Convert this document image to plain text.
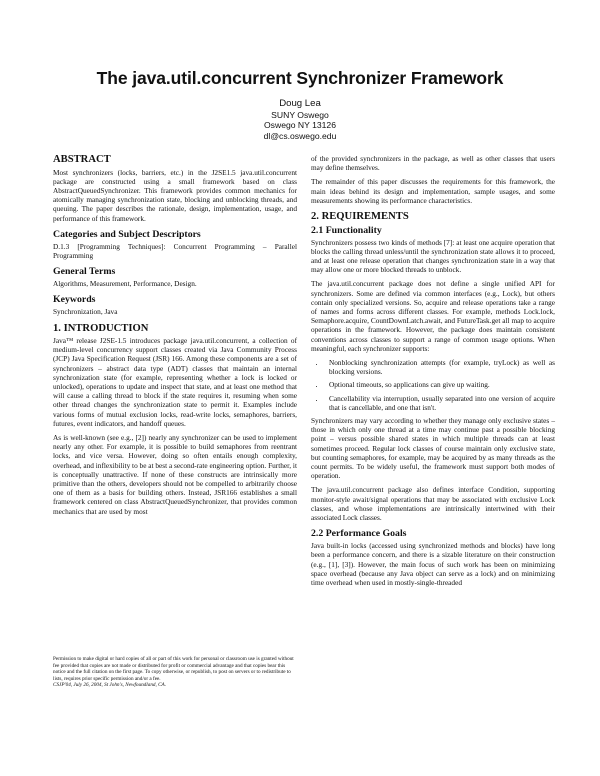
The java.util.concurrent Synchronizer Framework
Doug Lea
SUNY Oswego
Oswego NY 13126
dl@cs.oswego.edu
ABSTRACT

Most synchronizers (locks, barriers, etc.) in the J2SE1.5 java.util.concurrent package are constructed using a small framework based on class AbstractQueuedSynchronizer. This framework provides common mechanics for atomically managing synchronization state, blocking and unblocking threads, and queuing. The paper describes the rationale, design, implementation, usage, and performance of this framework.

Categories and Subject Descriptors

D.1.3 [Programming Techniques]: Concurrent Programming – Parallel Programming

General Terms

Algorithms, Measurement, Performance, Design.

Keywords

Synchronization, Java

1. INTRODUCTION

Java™ release J2SE-1.5 introduces package java.util.concurrent, a collection of medium-level concurrency support classes created via Java Community Process (JCP) Java Specification Request (JSR) 166. Among these components are a set of synchronizers – abstract data type (ADT) classes that maintain an internal synchronization state (for example, representing whether a lock is locked or unlocked), operations to update and inspect that state, and at least one method that will cause a calling thread to block if the state requires it, resuming when some other thread changes the synchronization state to permit it. Examples include various forms of mutual exclusion locks, read-write locks, semaphores, barriers, futures, event indicators, and handoff queues.

As is well-known (see e.g., [2]) nearly any synchronizer can be used to implement nearly any other. For example, it is possible to build semaphores from reentrant locks, and vice versa. However, doing so often entails enough complexity, overhead, and inflexibility to be at best a second-rate engineering option. Further, it is conceptually unattractive. If none of these constructs are intrinsically more primitive than the others, developers should not be compelled to arbitrarily choose one of them as a basis for building others. Instead, JSR166 establishes a small framework centered on class AbstractQueuedSynchronizer, that provides common mechanics that are used by most

Permission to make digital or hard copies of all or part of this work for personal or classroom use is granted without fee provided that copies are not made or distributed for profit or commercial advantage and that copies bear this notice and the full citation on the first page. To copy otherwise, or republish, to post on servers or to redistribute to lists, requires prior specific permission and/or a fee.
CSJP'04, July 26, 2004, St John's, Newfoundland, CA.

of the provided synchronizers in the package, as well as other classes that users may define themselves.

The remainder of this paper discusses the requirements for this framework, the main ideas behind its design and implementation, sample usages, and some measurements showing its performance characteristics.

2. REQUIREMENTS
2.1 Functionality

Synchronizers possess two kinds of methods [7]: at least one acquire operation that blocks the calling thread unless/until the synchronization state allows it to proceed, and at least one release operation that changes synchronization state in a way that may allow one or more blocked threads to unblock.

The java.util.concurrent package does not define a single unified API for synchronizers. Some are defined via common interfaces (e.g., Lock), but others contain only specialized versions. So, acquire and release operations take a range of names and forms across different classes. For example, methods Lock.lock, Semaphore.acquire, CountDownLatch.await, and FutureTask.get all map to acquire operations in the framework. However, the package does maintain consistent conventions across classes to support a range of common usage options. When meaningful, each synchronizer supports:

• Nonblocking synchronization attempts (for example, tryLock) as well as blocking versions.
• Optional timeouts, so applications can give up waiting.
• Cancellability via interruption, usually separated into one version of acquire that is cancellable, and one that isn't.

Synchronizers may vary according to whether they manage only exclusive states – those in which only one thread at a time may continue past a possible blocking point – versus possible shared states in which multiple threads can at least sometimes proceed. Regular lock classes of course maintain only exclusive state, but counting semaphores, for example, may be acquired by as many threads as the count permits. To be widely useful, the framework must support both modes of operation.

The java.util.concurrent package also defines interface Condition, supporting monitor-style await/signal operations that may be associated with exclusive Lock classes, and whose implementations are intrinsically intertwined with their associated Lock classes.

2.2 Performance Goals

Java built-in locks (accessed using synchronized methods and blocks) have long been a performance concern, and there is a sizable literature on their construction (e.g., [1], [3]). However, the main focus of such work has been on minimizing space overhead (because any Java object can serve as a lock) and on minimizing time overhead when used in mostly-single-threaded
